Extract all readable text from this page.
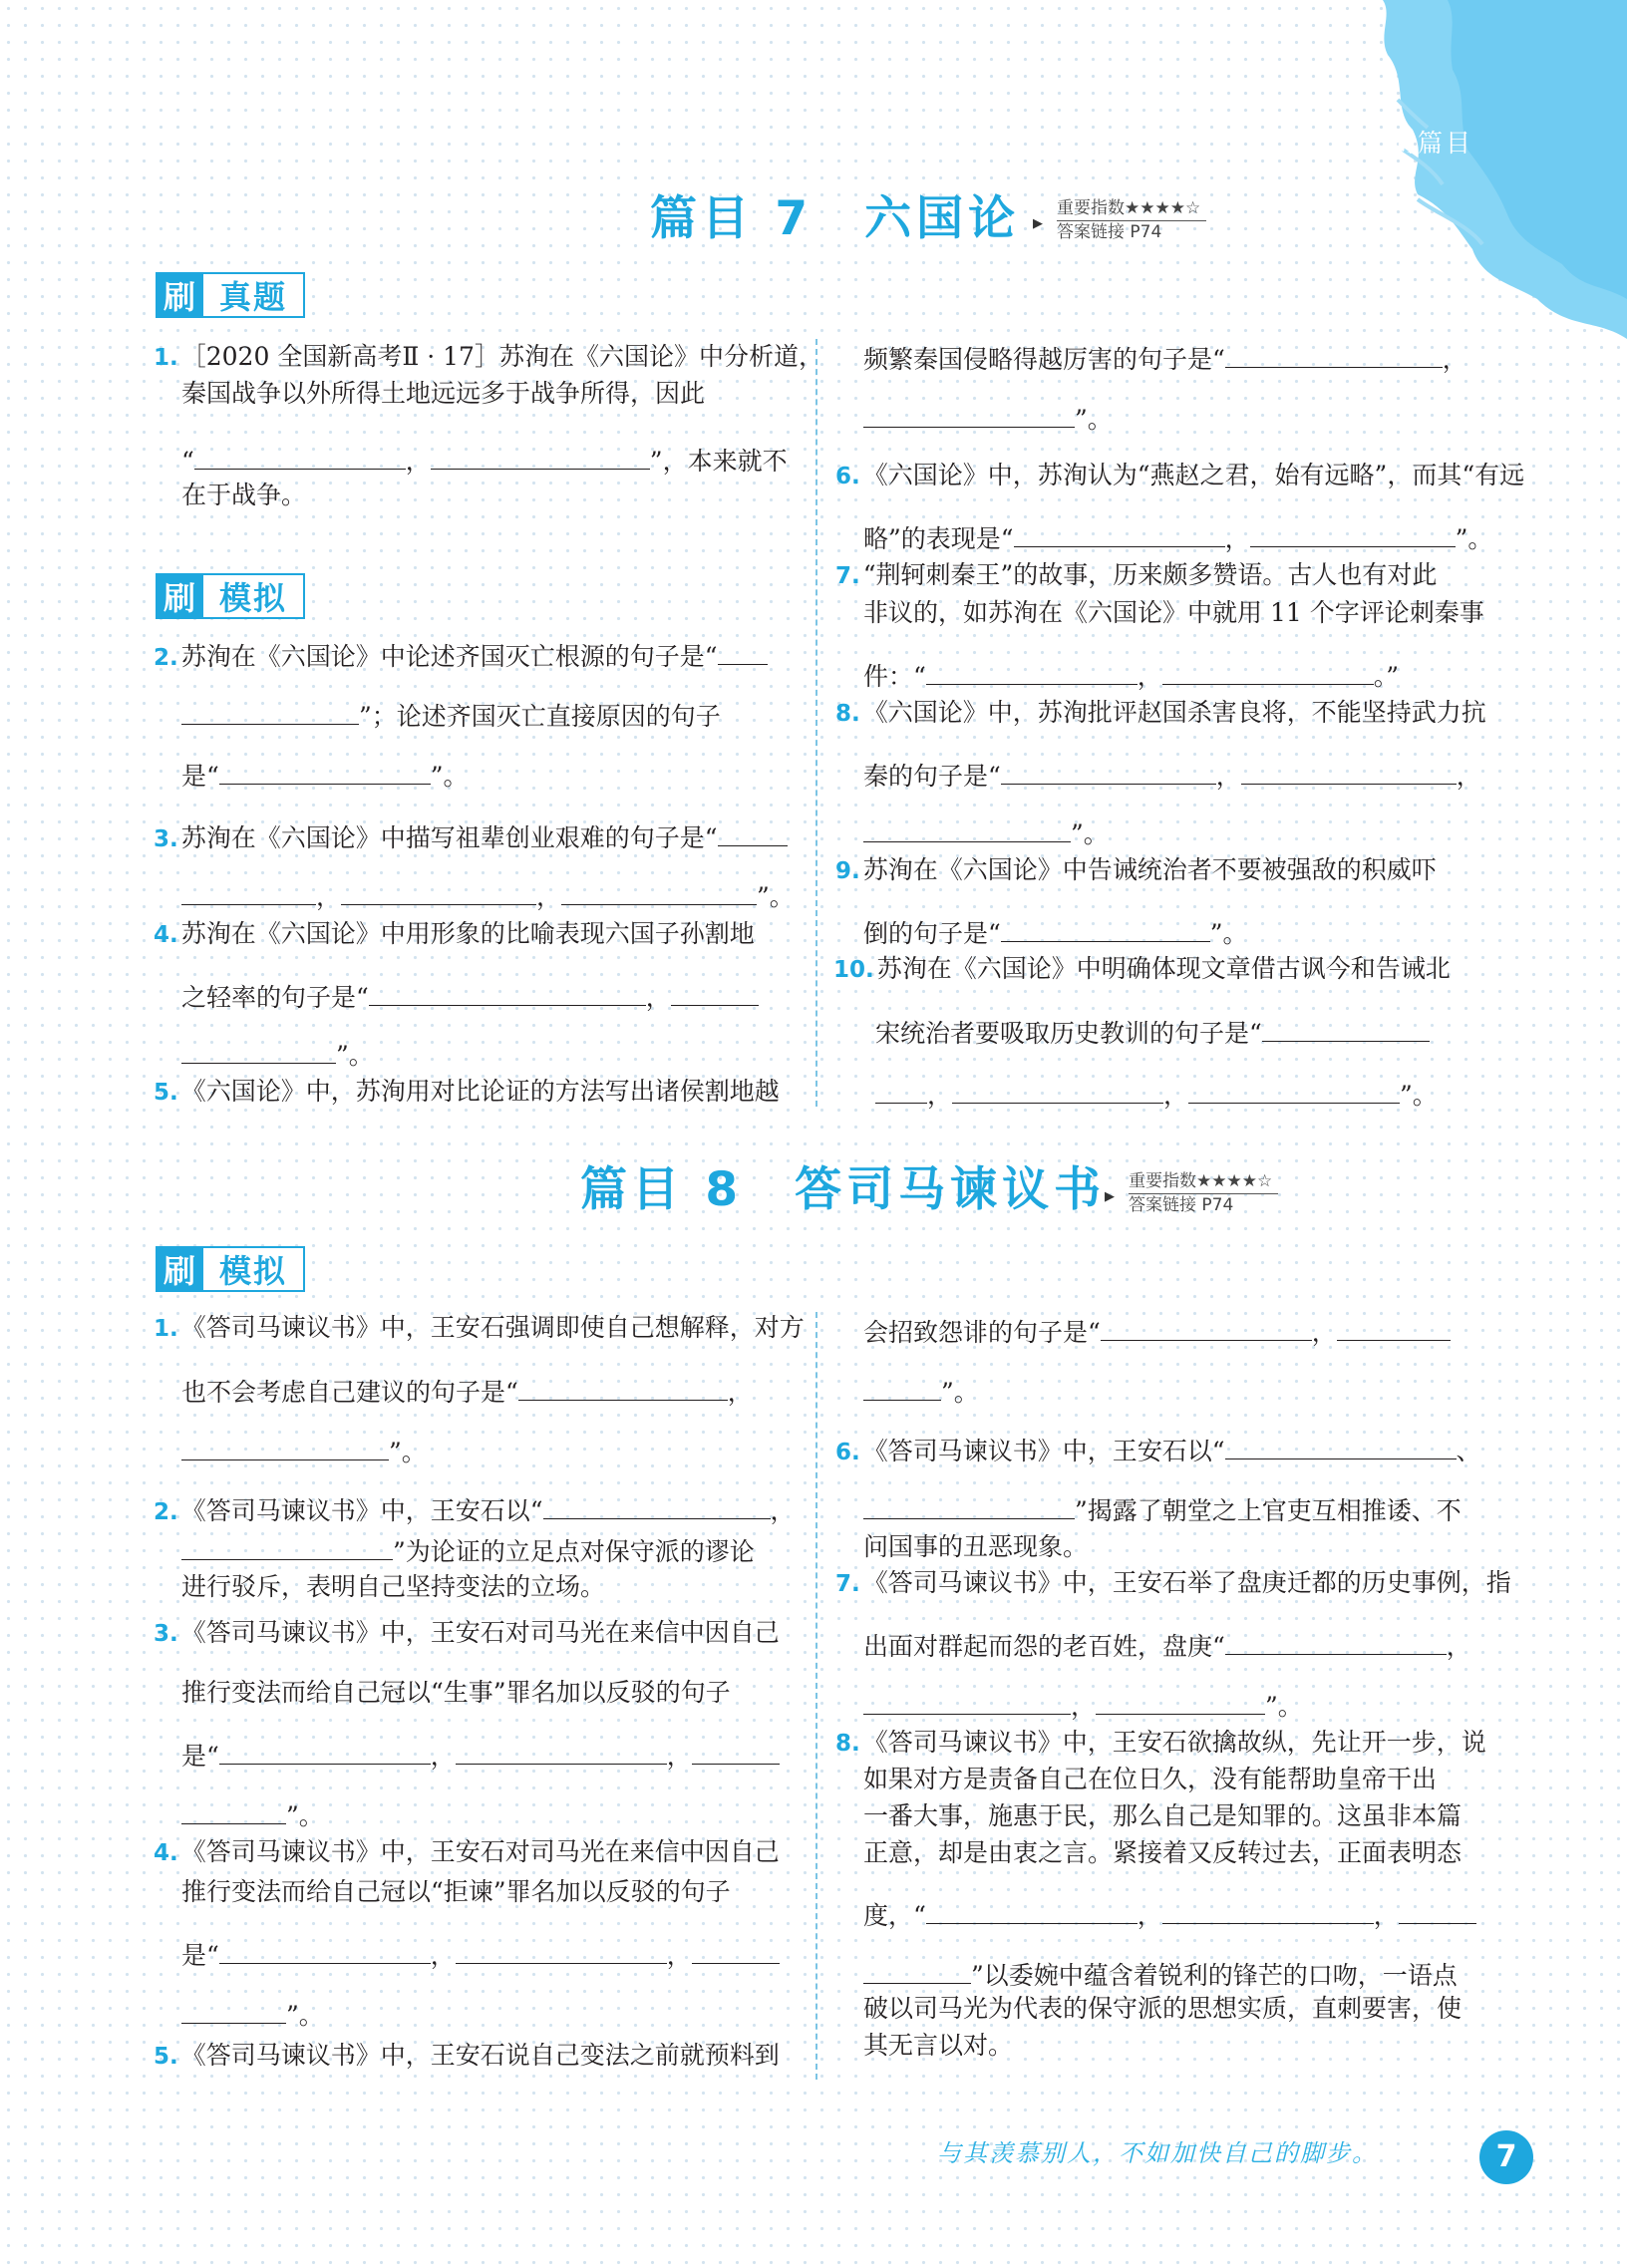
刷篇目
篇目 7　六国论 ▶
重要指数★★★★☆
答案链接 P74
刷 真题
刷 模拟
1. ［2020 全国新高考Ⅱ · 17］苏洵在《六国论》中分析道，
秦国战争以外所得土地远远多于战争所得，因此
“	，	”，本来就不
在于战争。
2. 苏洵在《六国论》中论述齐国灭亡根源的句子是“
”；论述齐国灭亡直接原因的句子
是“	”。
3. 苏洵在《六国论》中描写祖辈创业艰难的句子是“
，	，	”。
4. 苏洵在《六国论》中用形象的比喻表现六国子孙割地
之轻率的句子是“	，
”。
5. 《六国论》中，苏洵用对比论证的方法写出诸侯割地越
频繁秦国侵略得越厉害的句子是“	，
”。
6. 《六国论》中，苏洵认为“燕赵之君，始有远略”，而其“有远
略”的表现是“	，	”。
7. “荆轲刺秦王”的故事，历来颇多赞语。古人也有对此
非议的，如苏洵在《六国论》中就用 11 个字评论刺秦事
件：“	，	。”
8. 《六国论》中，苏洵批评赵国杀害良将，不能坚持武力抗
秦的句子是“	，	，
”。
9. 苏洵在《六国论》中告诫统治者不要被强敌的积威吓
倒的句子是“	”。
10. 苏洵在《六国论》中明确体现文章借古讽今和告诫北
宋统治者要吸取历史教训的句子是“
，	，	”。
篇目 8　答司马谏议书
▶
重要指数★★★★☆
答案链接 P74
刷 模拟
1. 《答司马谏议书》中，王安石强调即使自己想解释，对方
也不会考虑自己建议的句子是“	，
”。
2. 《答司马谏议书》中，王安石以“	，
”为论证的立足点对保守派的谬论
进行驳斥，表明自己坚持变法的立场。
3. 《答司马谏议书》中，王安石对司马光在来信中因自己
推行变法而给自己冠以“生事”罪名加以反驳的句子
是“	，	，
”。
4. 《答司马谏议书》中，王安石对司马光在来信中因自己
推行变法而给自己冠以“拒谏”罪名加以反驳的句子
是“	，	，
”。
5. 《答司马谏议书》中，王安石说自己变法之前就预料到
会招致怨诽的句子是“	，
”。
6. 《答司马谏议书》中，王安石以“	、
”揭露了朝堂之上官吏互相推诿、不
问国事的丑恶现象。
7. 《答司马谏议书》中，王安石举了盘庚迁都的历史事例，指
出面对群起而怨的老百姓，盘庚“	，
，	”。
8. 《答司马谏议书》中，王安石欲擒故纵，先让开一步，说
如果对方是责备自己在位日久，没有能帮助皇帝干出
一番大事，施惠于民，那么自己是知罪的。这虽非本篇
正意，却是由衷之言。紧接着又反转过去，正面表明态
度，“	，	，
”以委婉中蕴含着锐利的锋芒的口吻，一语点
破以司马光为代表的保守派的思想实质，直刺要害，使
其无言以对。
与其羡慕别人，不如加快自己的脚步。	7
